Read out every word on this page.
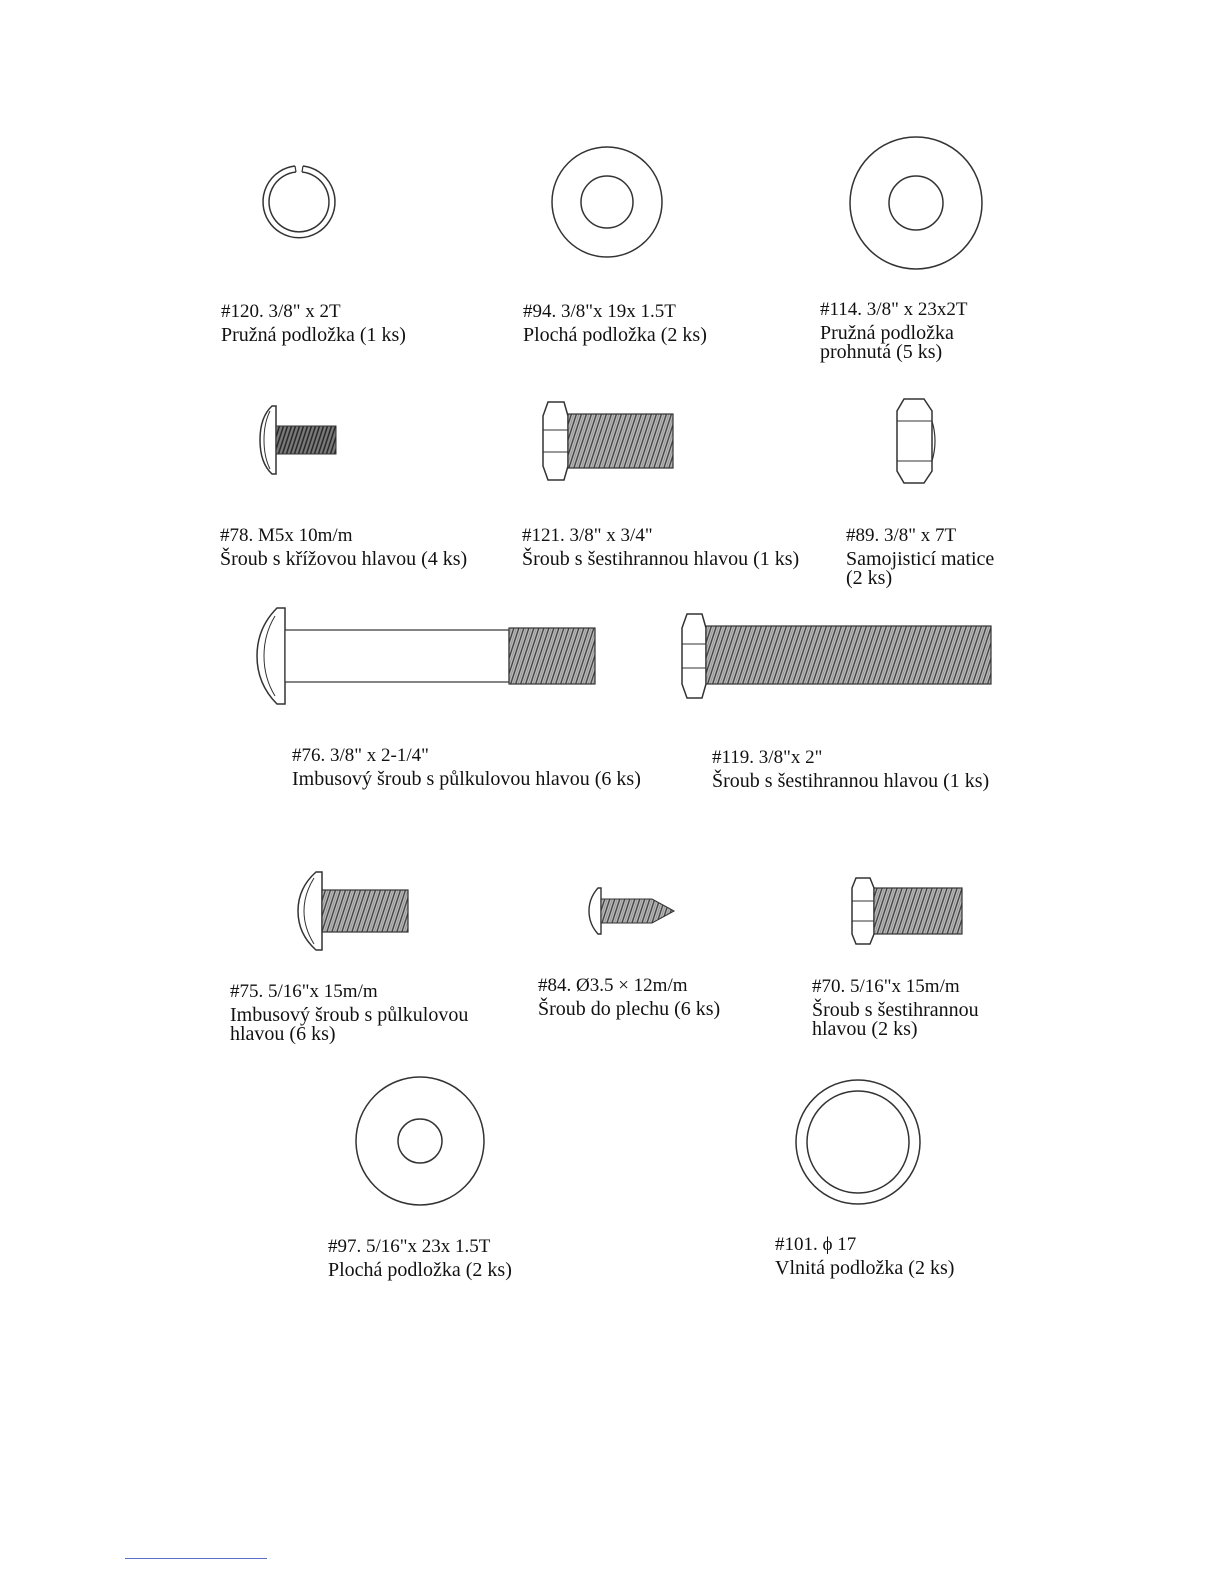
#120. 3/8" x 2T
Pružná podložka (1 ks)
#94. 3/8"x 19x 1.5T
Plochá podložka (2 ks)
#114. 3/8" x 23x2T
Pružná podložka
prohnutá (5 ks)
#78. M5x 10m/m
Šroub s křížovou hlavou (4 ks)
#121. 3/8" x 3/4"
Šroub s šestihrannou hlavou (1 ks)
#89. 3/8" x 7T
Samojisticí matice
(2 ks)
#76. 3/8" x 2-1/4"
Imbusový šroub s půlkulovou hlavou (6 ks)
#119. 3/8"x 2"
Šroub s šestihrannou hlavou (1 ks)
#75. 5/16"x 15m/m
Imbusový šroub s půlkulovou
hlavou (6 ks)
#84. Ø3.5 × 12m/m
Šroub do plechu (6 ks)
#70. 5/16"x 15m/m
Šroub s šestihrannou
hlavou (2 ks)
#97. 5/16"x 23x 1.5T
Plochá podložka (2 ks)
#101. ϕ 17
Vlnitá podložka (2 ks)
